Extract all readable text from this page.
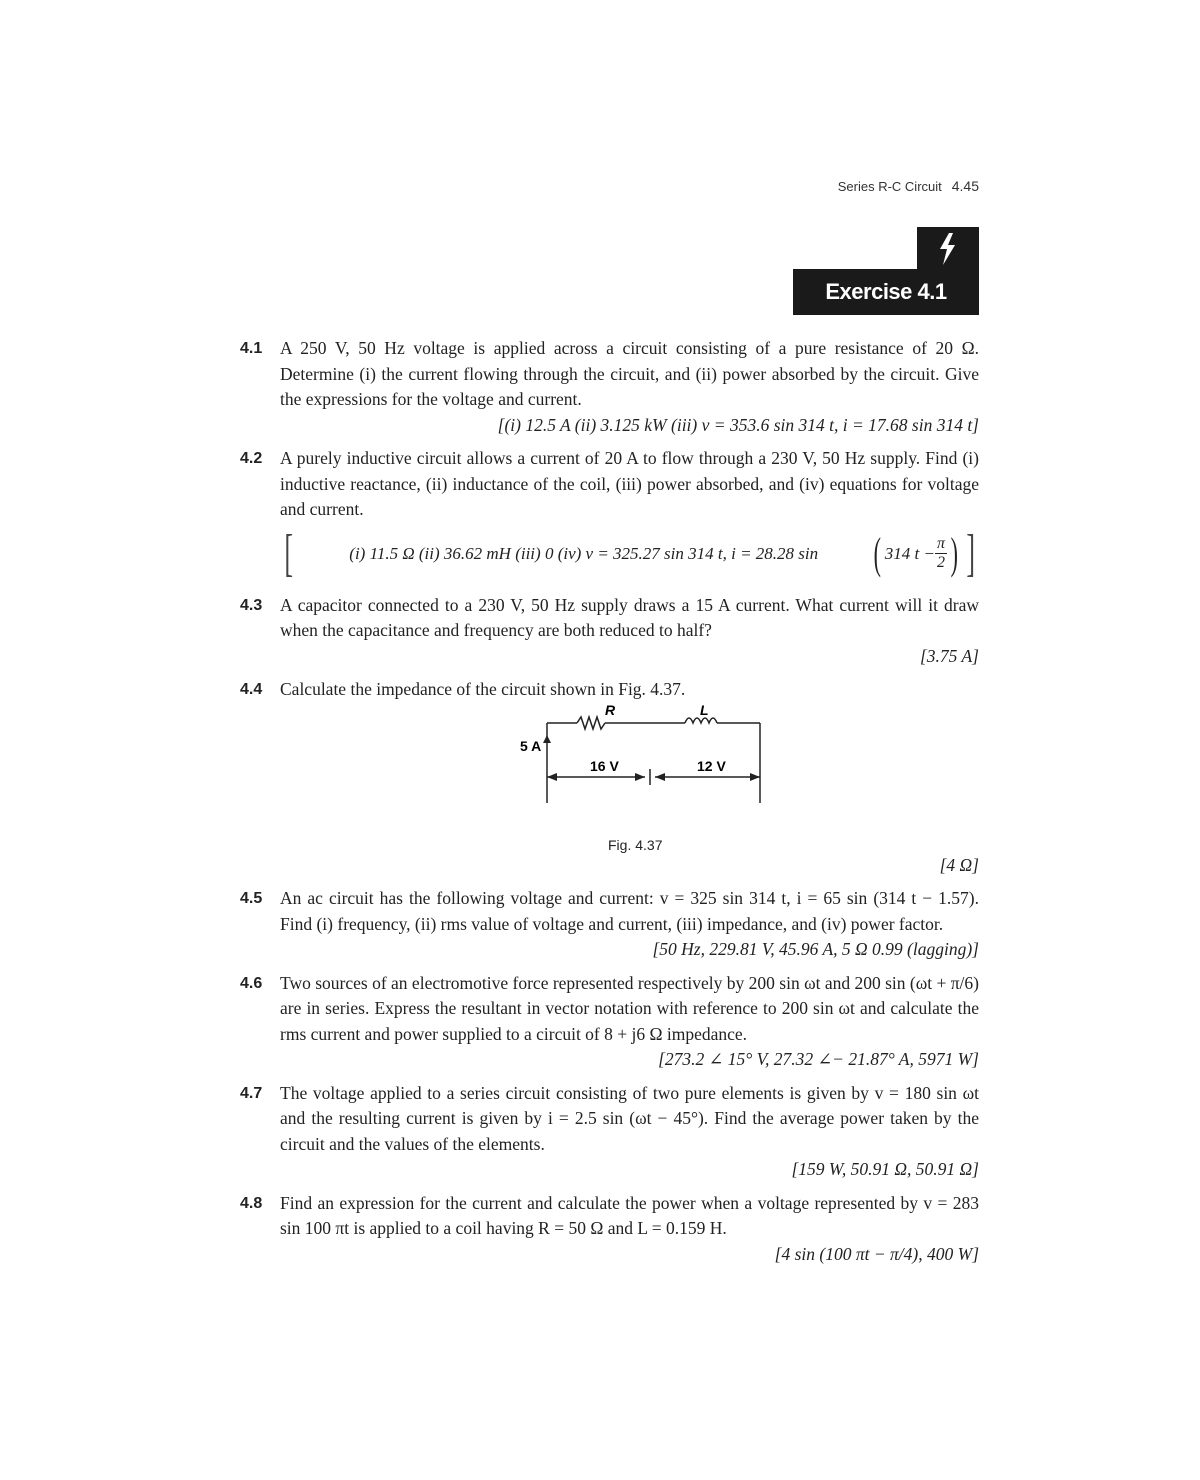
Series R-C Circuit 4.45
Exercise 4.1
4.1 A 250 V, 50 Hz voltage is applied across a circuit consisting of a pure resistance of 20 Ω. Determine (i) the current flowing through the circuit, and (ii) power absorbed by the circuit. Give the expressions for the voltage and current.
[(i) 12.5 A (ii) 3.125 kW (iii) v = 353.6 sin 314 t, i = 17.68 sin 314 t]
4.2 A purely inductive circuit allows a current of 20 A to flow through a 230 V, 50 Hz supply. Find (i) inductive reactance, (ii) inductance of the coil, (iii) power absorbed, and (iv) equations for voltage and current.
[	(i) 11.5 Ω (ii) 36.62 mH (iii) 0 (iv) v = 325.27 sin 314 t, i = 28.28 sin ( 314 $t - \frac{\pi}{2}$ ) ]
4.3 A capacitor connected to a 230 V, 50 Hz supply draws a 15 A current. What current will it draw when the capacitance and frequency are both reduced to half?
[3.75 A]
4.4 Calculate the impedance of the circuit shown in Fig. 4.37.
R	L
5 A
16 V	12 V
Fig. 4.37
[4 Ω]
4.5 An ac circuit has the following voltage and current: v = 325 sin 314 t, i = 65 sin (314 t − 1.57). Find (i) frequency, (ii) rms value of voltage and current, (iii) impedance, and (iv) power factor.
[50 Hz, 229.81 V, 45.96 A, 5 Ω 0.99 (lagging)]
4.6 Two sources of an electromotive force represented respectively by 200 sin ωt and 200 sin (ωt + π/6) are in series. Express the resultant in vector notation with reference to 200 sin ωt and calculate the rms current and power supplied to a circuit of 8 + j6 Ω impedance.
[273.2 ∠ 15° V, 27.32 ∠− 21.87° A, 5971 W]
4.7 The voltage applied to a series circuit consisting of two pure elements is given by v = 180 sin ωt and the resulting current is given by i = 2.5 sin (ωt − 45°). Find the average power taken by the circuit and the values of the elements.
[159 W, 50.91 Ω, 50.91 Ω]
4.8 Find an expression for the current and calculate the power when a voltage represented by v = 283 sin 100 πt is applied to a coil having R = 50 Ω and L = 0.159 H.
[4 sin (100 πt − π/4), 400 W]
